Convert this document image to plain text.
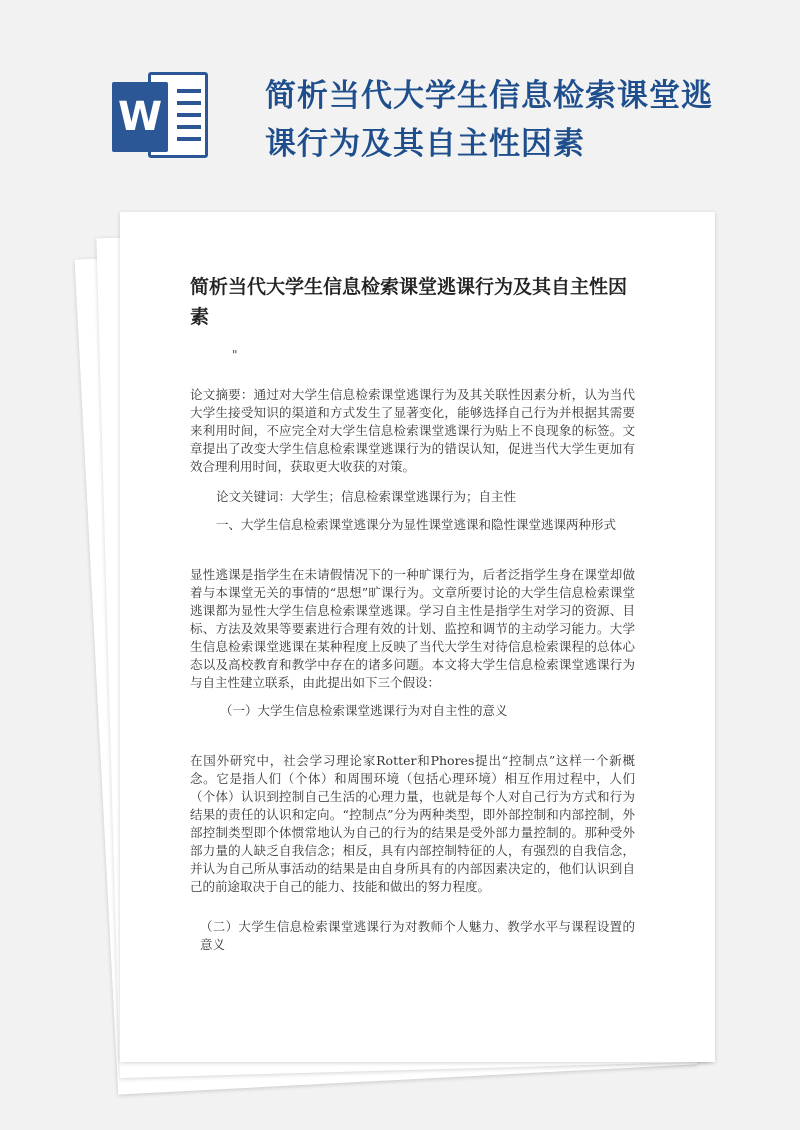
W	简析当代大学生信息检索课堂逃课行为及其自主性因素
简析当代大学生信息检索课堂逃课行为及其自主性因素
"

论文摘要：通过对大学生信息检索课堂逃课行为及其关联性因素分析，认为当代大学生接受知识的渠道和方式发生了显著变化，能够选择自己行为并根据其需要来利用时间，不应完全对大学生信息检索课堂逃课行为贴上不良现象的标签。文章提出了改变大学生信息检索课堂逃课行为的错误认知，促进当代大学生更加有效合理利用时间，获取更大收获的对策。

论文关键词：大学生；信息检索课堂逃课行为；自主性

一、大学生信息检索课堂逃课分为显性课堂逃课和隐性课堂逃课两种形式

显性逃课是指学生在未请假情况下的一种旷课行为，后者泛指学生身在课堂却做着与本课堂无关的事情的“思想”旷课行为。文章所要讨论的大学生信息检索课堂逃课都为显性大学生信息检索课堂逃课。学习自主性是指学生对学习的资源、目标、方法及效果等要素进行合理有效的计划、监控和调节的主动学习能力。大学生信息检索课堂逃课在某种程度上反映了当代大学生对待信息检索课程的总体心态以及高校教育和教学中存在的诸多问题。本文将大学生信息检索课堂逃课行为与自主性建立联系，由此提出如下三个假设：

（一）大学生信息检索课堂逃课行为对自主性的意义

在国外研究中，社会学习理论家Rotter和Phores提出“控制点”这样一个新概念。它是指人们（个体）和周围环境（包括心理环境）相互作用过程中，人们（个体）认识到控制自己生活的心理力量，也就是每个人对自己行为方式和行为结果的责任的认识和定向。“控制点”分为两种类型，即外部控制和内部控制，外部控制类型即个体惯常地认为自己的行为的结果是受外部力量控制的。那种受外部力量的人缺乏自我信念；相反，具有内部控制特征的人，有强烈的自我信念，并认为自己所从事活动的结果是由自身所具有的内部因素决定的，他们认识到自己的前途取决于自己的能力、技能和做出的努力程度。

（二）大学生信息检索课堂逃课行为对教师个人魅力、教学水平与课程设置的意义
